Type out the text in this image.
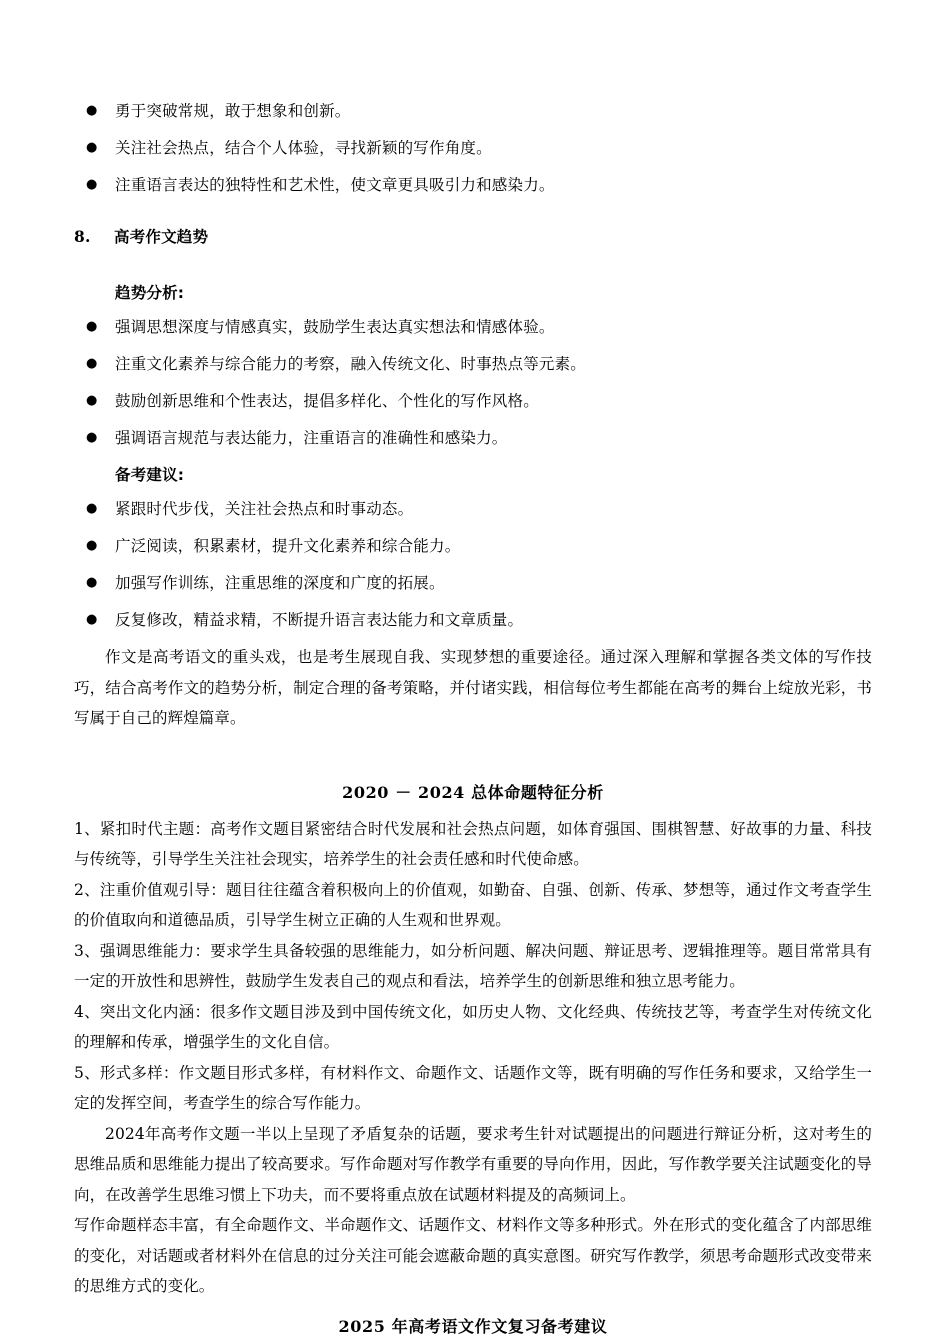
● 勇于突破常规，敢于想象和创新。
● 关注社会热点，结合个人体验，寻找新颖的写作角度。
● 注重语言表达的独特性和艺术性，使文章更具吸引力和感染力。
8.	高考作文趋势
趋势分析:
● 强调思想深度与情感真实，鼓励学生表达真实想法和情感体验。
● 注重文化素养与综合能力的考察，融入传统文化、时事热点等元素。
● 鼓励创新思维和个性表达，提倡多样化、个性化的写作风格。
● 强调语言规范与表达能力，注重语言的准确性和感染力。
备考建议:
● 紧跟时代步伐，关注社会热点和时事动态。
● 广泛阅读，积累素材，提升文化素养和综合能力。
● 加强写作训练，注重思维的深度和广度的拓展。
● 反复修改，精益求精，不断提升语言表达能力和文章质量。

作文是高考语文的重头戏，也是考生展现自我、实现梦想的重要途径。通过深入理解和掌握各类文体的写作技巧，结合高考作文的趋势分析，制定合理的备考策略，并付诸实践，相信每位考生都能在高考的舞台上绽放光彩，书写属于自己的辉煌篇章。

2020 － 2024 总体命题特征分析

1、紧扣时代主题：高考作文题目紧密结合时代发展和社会热点问题，如体育强国、围棋智慧、好故事的力量、科技与传统等，引导学生关注社会现实，培养学生的社会责任感和时代使命感。

2、注重价值观引导：题目往往蕴含着积极向上的价值观，如勤奋、自强、创新、传承、梦想等，通过作文考查学生的价值取向和道德品质，引导学生树立正确的人生观和世界观。

3、强调思维能力：要求学生具备较强的思维能力，如分析问题、解决问题、辩证思考、逻辑推理等。题目常常具有一定的开放性和思辨性，鼓励学生发表自己的观点和看法，培养学生的创新思维和独立思考能力。

4、突出文化内涵：很多作文题目涉及到中国传统文化，如历史人物、文化经典、传统技艺等，考查学生对传统文化的理解和传承，增强学生的文化自信。

5、形式多样：作文题目形式多样，有材料作文、命题作文、话题作文等，既有明确的写作任务和要求，又给学生一定的发挥空间，考查学生的综合写作能力。

2024年高考作文题一半以上呈现了矛盾复杂的话题，要求考生针对试题提出的问题进行辩证分析，这对考生的思维品质和思维能力提出了较高要求。写作命题对写作教学有重要的导向作用，因此，写作教学要关注试题变化的导向，在改善学生思维习惯上下功夫，而不要将重点放在试题材料提及的高频词上。

写作命题样态丰富，有全命题作文、半命题作文、话题作文、材料作文等多种形式。外在形式的变化蕴含了内部思维的变化，对话题或者材料外在信息的过分关注可能会遮蔽命题的真实意图。研究写作教学，须思考命题形式改变带来的思维方式的变化。

2025 年高考语文作文复习备考建议
